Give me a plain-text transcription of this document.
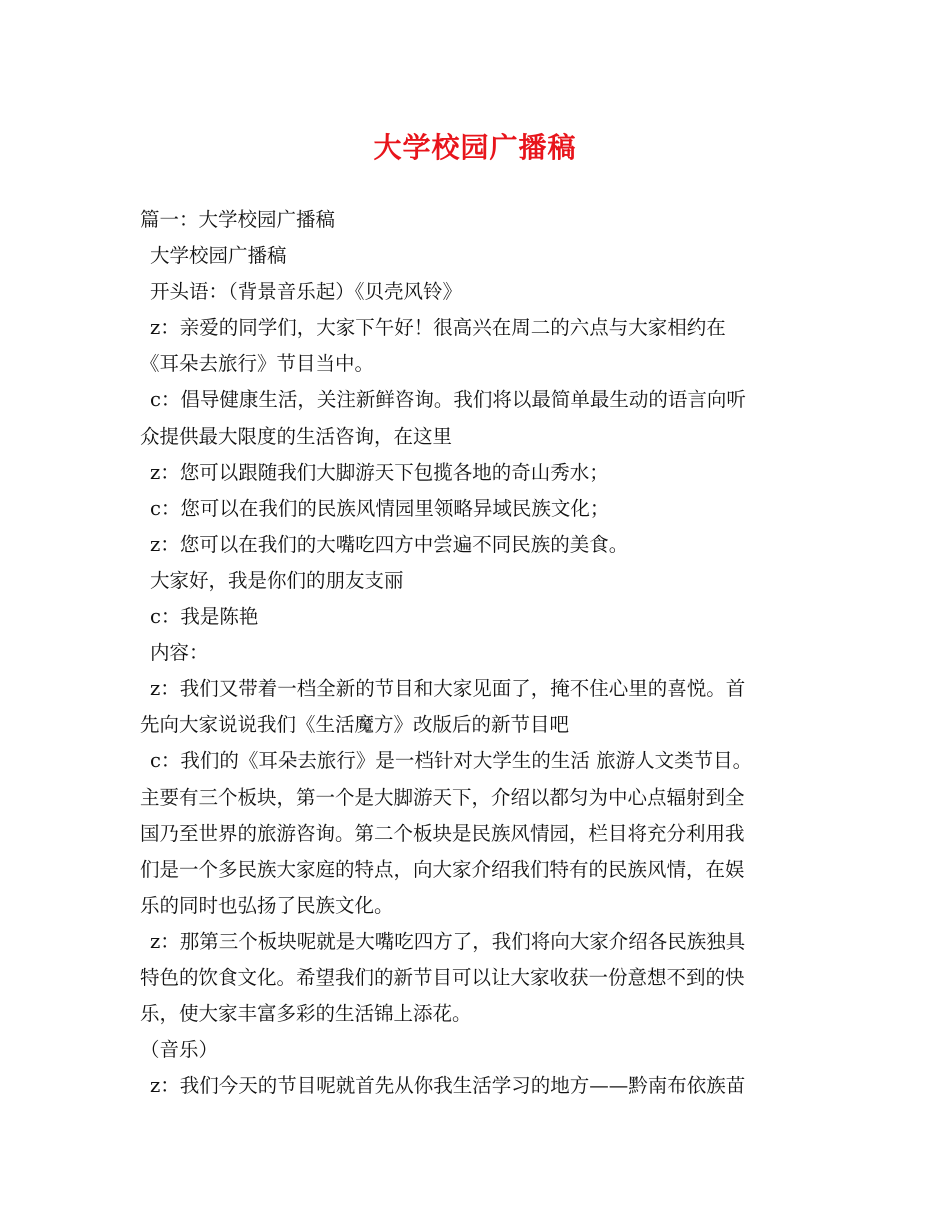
大学校园广播稿
篇一：大学校园广播稿
大学校园广播稿
开头语：（背景音乐起）《贝壳风铃》
z：亲爱的同学们，大家下午好！很高兴在周二的六点与大家相约在
《耳朵去旅行》节目当中。
c：倡导健康生活，关注新鲜咨询。我们将以最简单最生动的语言向听
众提供最大限度的生活咨询，在这里
z：您可以跟随我们大脚游天下包揽各地的奇山秀水；
c：您可以在我们的民族风情园里领略异域民族文化；
z：您可以在我们的大嘴吃四方中尝遍不同民族的美食。
大家好，我是你们的朋友支丽
c：我是陈艳
内容：
z：我们又带着一档全新的节目和大家见面了，掩不住心里的喜悦。首
先向大家说说我们《生活魔方》改版后的新节目吧
c：我们的《耳朵去旅行》是一档针对大学生的生活 旅游人文类节目。
主要有三个板块，第一个是大脚游天下，介绍以都匀为中心点辐射到全
国乃至世界的旅游咨询。第二个板块是民族风情园，栏目将充分利用我
们是一个多民族大家庭的特点，向大家介绍我们特有的民族风情，在娱
乐的同时也弘扬了民族文化。
z：那第三个板块呢就是大嘴吃四方了，我们将向大家介绍各民族独具
特色的饮食文化。希望我们的新节目可以让大家收获一份意想不到的快
乐，使大家丰富多彩的生活锦上添花。
（音乐）
z：我们今天的节目呢就首先从你我生活学习的地方——黔南布依族苗
